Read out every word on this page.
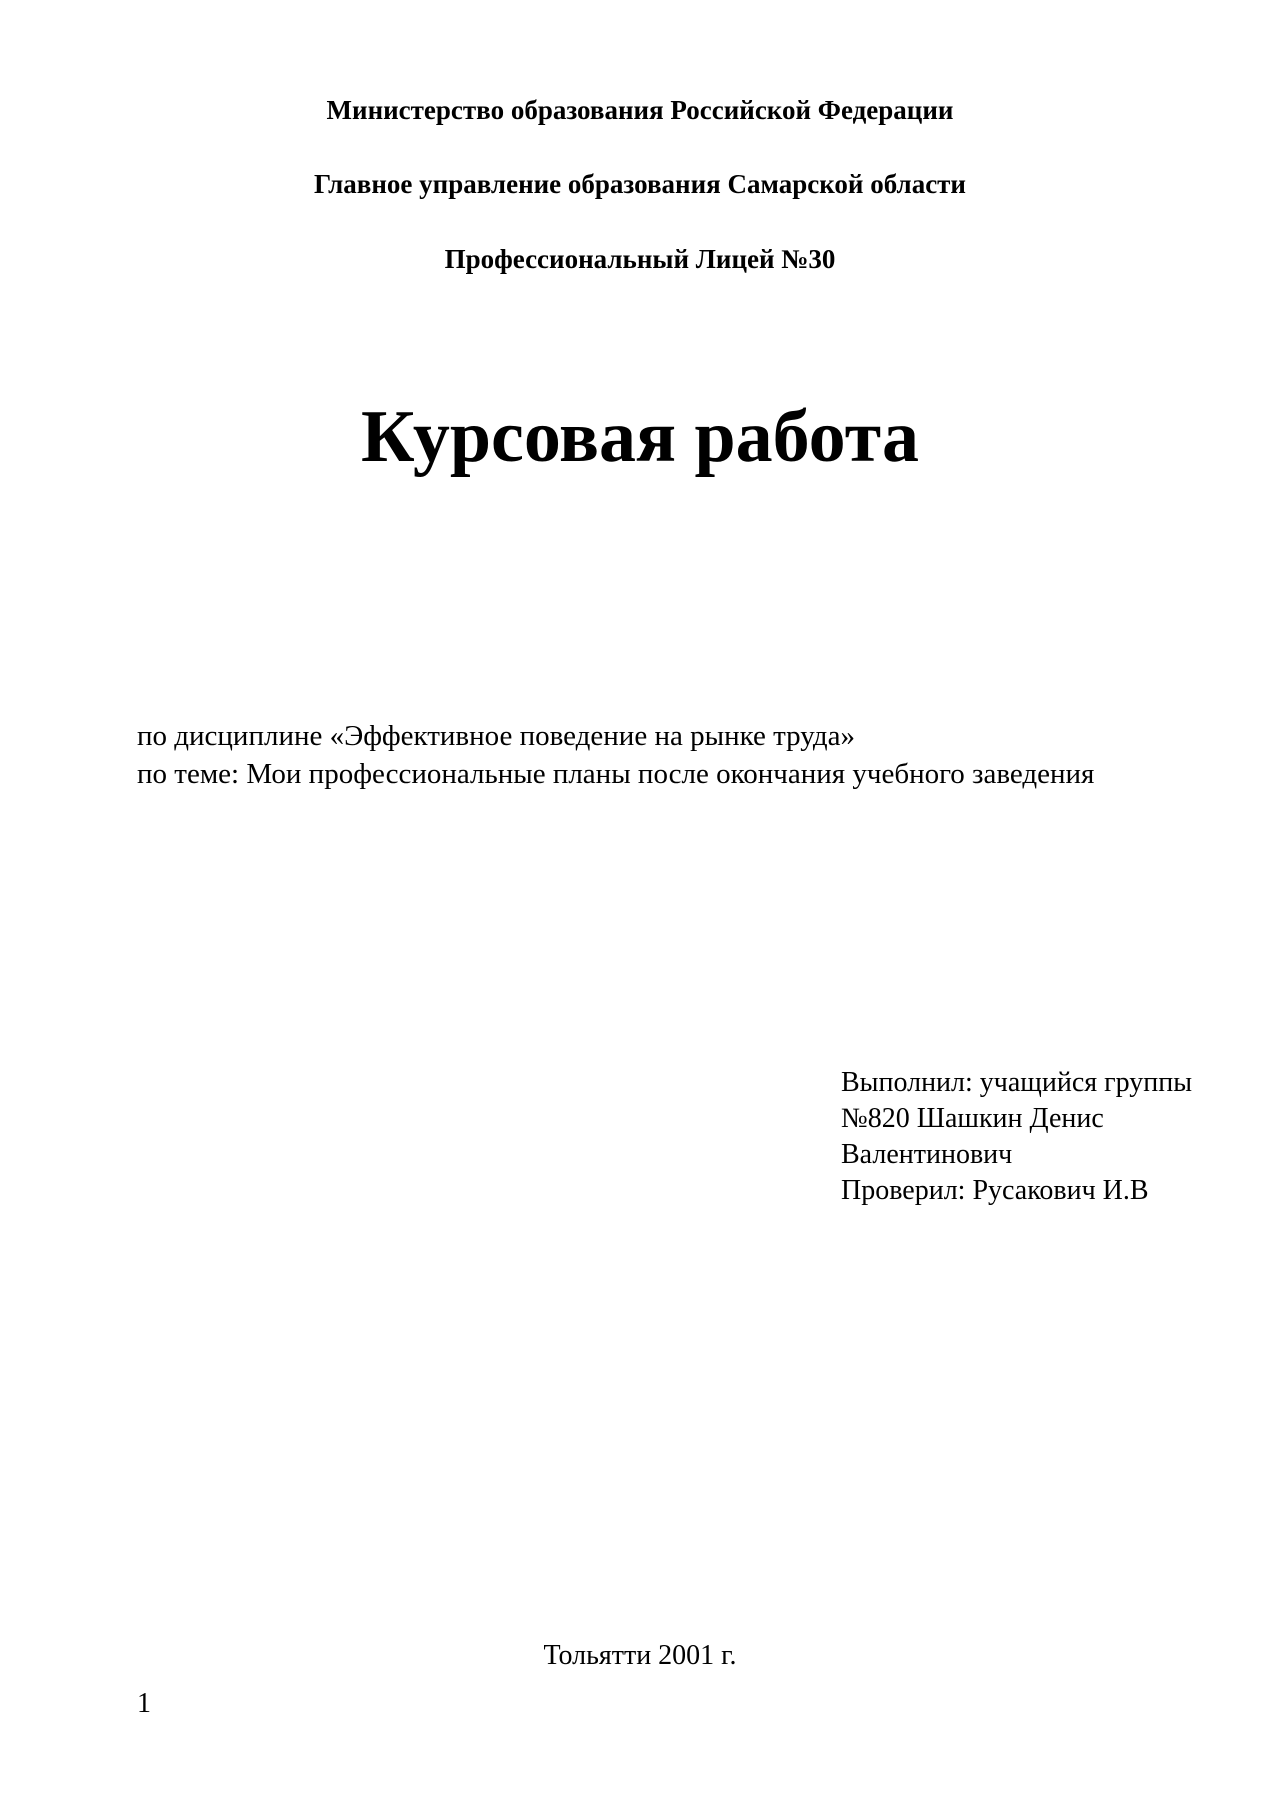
Министерство образования Российской Федерации
Главное управление образования Самарской области
Профессиональный Лицей №30
Курсовая работа
по дисциплине «Эффективное поведение на рынке труда»
по теме: Мои профессиональные планы после окончания учебного заведения
Выполнил: учащийся группы
№820 Шашкин Денис
Валентинович
Проверил: Русакович И.В
Тольятти 2001 г.
1
